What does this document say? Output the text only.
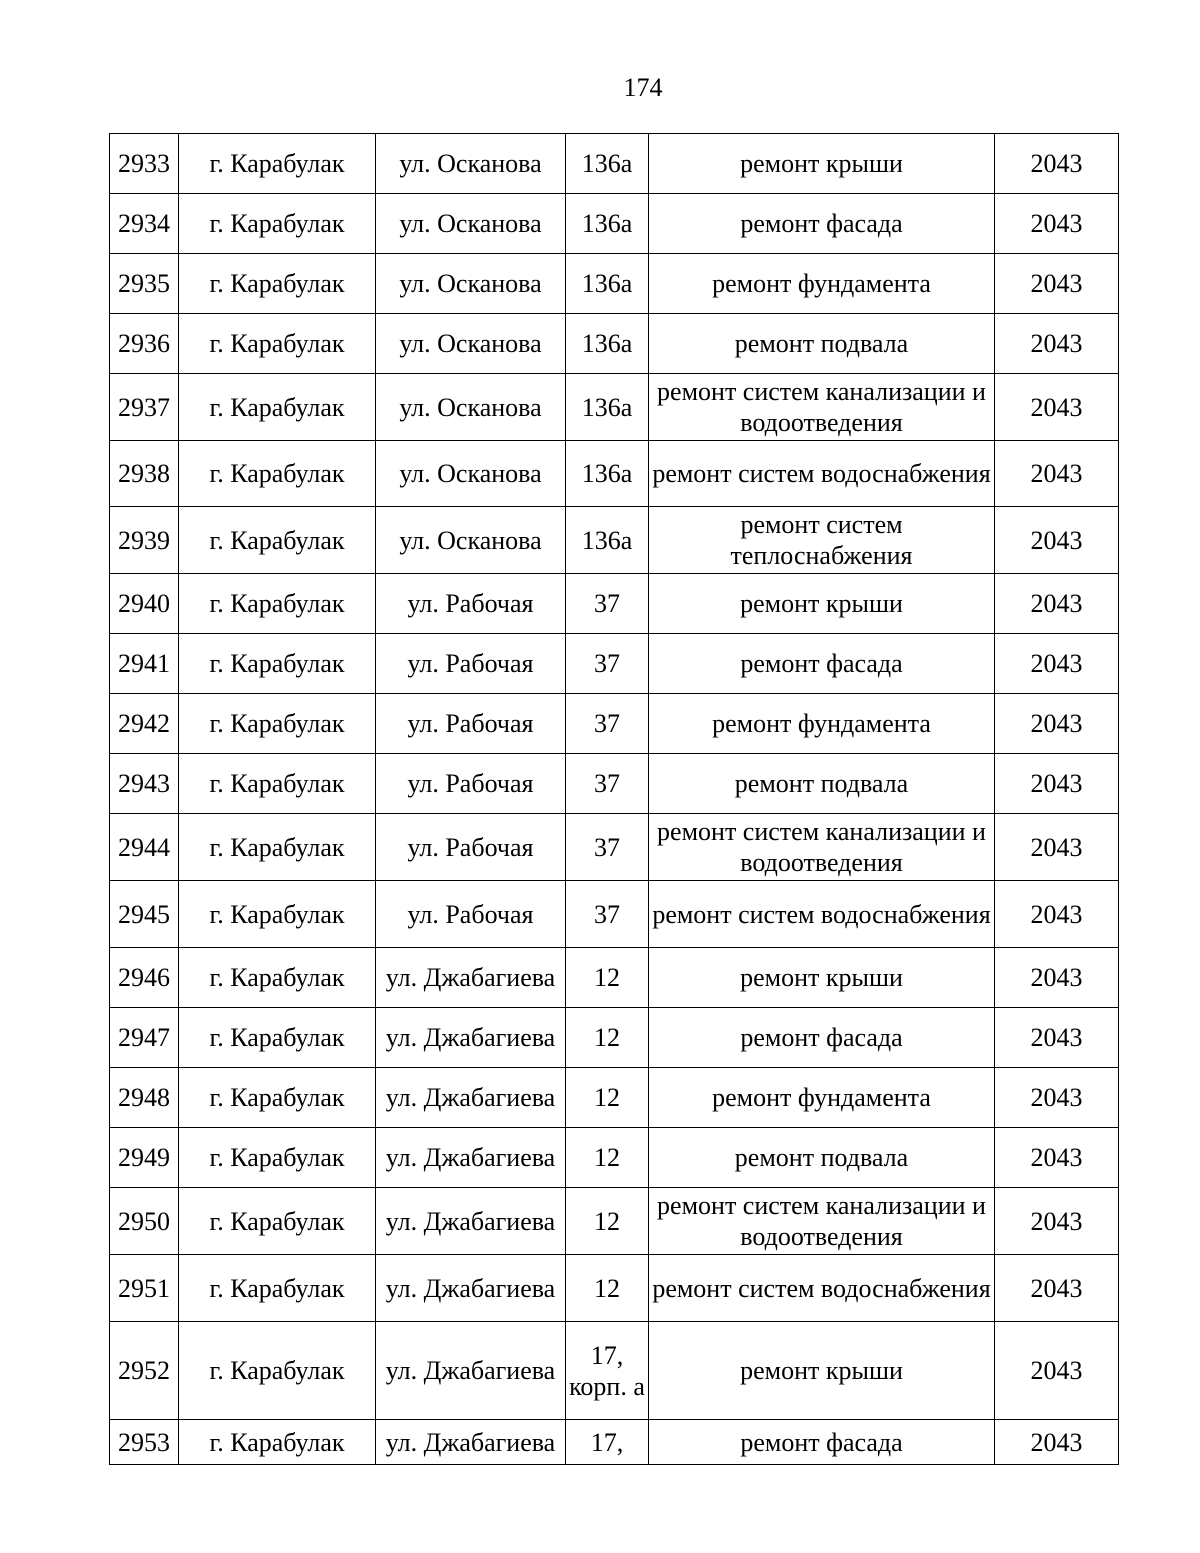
174
2933	г. Карабулак	ул. Осканова	136а	ремонт крыши	2043
2934	г. Карабулак	ул. Осканова	136а	ремонт фасада	2043
2935	г. Карабулак	ул. Осканова	136а	ремонт фундамента	2043
2936	г. Карабулак	ул. Осканова	136а	ремонт подвала	2043
2937	г. Карабулак	ул. Осканова	136а	ремонт систем канализации и водоотведения	2043
2938	г. Карабулак	ул. Осканова	136а	ремонт систем водоснабжения	2043
2939	г. Карабулак	ул. Осканова	136а	ремонт систем теплоснабжения	2043
2940	г. Карабулак	ул. Рабочая	37	ремонт крыши	2043
2941	г. Карабулак	ул. Рабочая	37	ремонт фасада	2043
2942	г. Карабулак	ул. Рабочая	37	ремонт фундамента	2043
2943	г. Карабулак	ул. Рабочая	37	ремонт подвала	2043
2944	г. Карабулак	ул. Рабочая	37	ремонт систем канализации и водоотведения	2043
2945	г. Карабулак	ул. Рабочая	37	ремонт систем водоснабжения	2043
2946	г. Карабулак	ул. Джабагиева	12	ремонт крыши	2043
2947	г. Карабулак	ул. Джабагиева	12	ремонт фасада	2043
2948	г. Карабулак	ул. Джабагиева	12	ремонт фундамента	2043
2949	г. Карабулак	ул. Джабагиева	12	ремонт подвала	2043
2950	г. Карабулак	ул. Джабагиева	12	ремонт систем канализации и водоотведения	2043
2951	г. Карабулак	ул. Джабагиева	12	ремонт систем водоснабжения	2043
2952	г. Карабулак	ул. Джабагиева	17, корп. а	ремонт крыши	2043
2953	г. Карабулак	ул. Джабагиева	17,	ремонт фасада	2043
